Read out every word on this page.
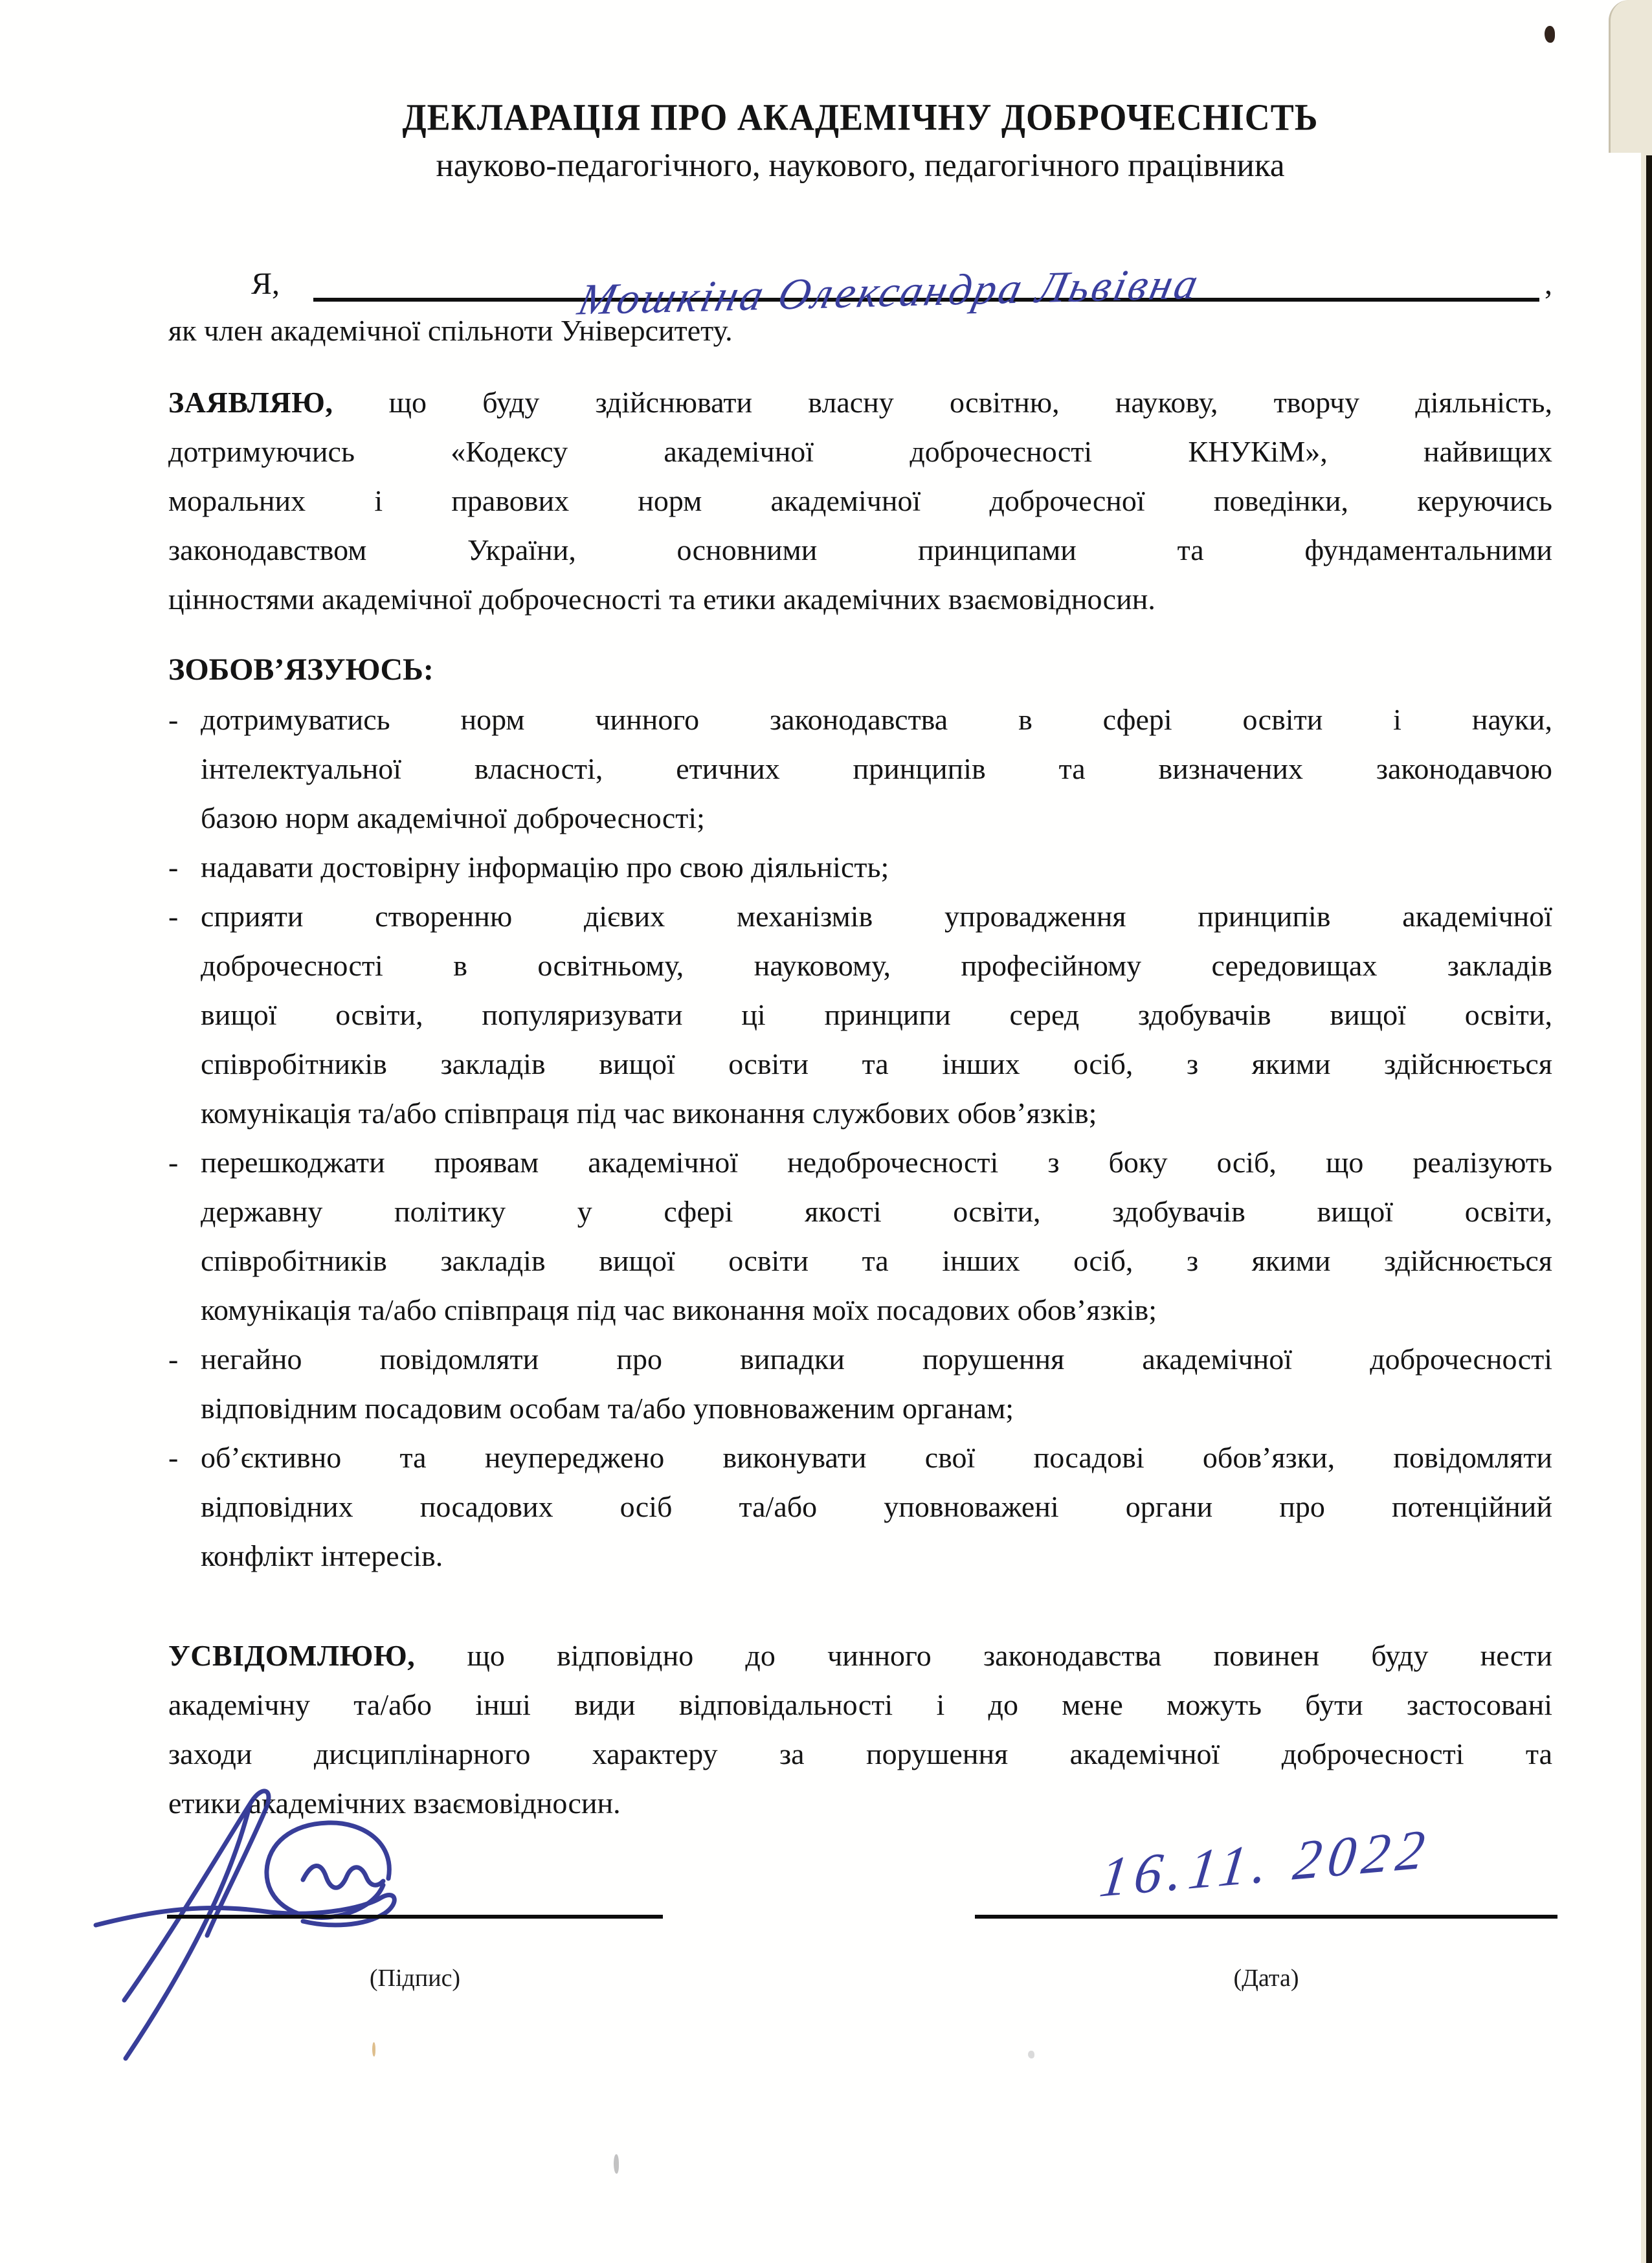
ДЕКЛАРАЦІЯ ПРО АКАДЕМІЧНУ ДОБРОЧЕСНІСТЬ
науково-педагогічного, наукового, педагогічного працівника
Я,	Мошкіна Олександра Львівна	,
як член академічної спільноти Університету.
ЗАЯВЛЯЮ, що буду здійснювати власну освітню, наукову, творчу діяльність,
дотримуючись «Кодексу академічної доброчесності КНУКіМ», найвищих
моральних і правових норм академічної доброчесної поведінки, керуючись
законодавством України, основними принципами та фундаментальними
цінностями академічної доброчесності та етики академічних взаємовідносин.
ЗОБОВ’ЯЗУЮСЬ:
- дотримуватись норм чинного законодавства в сфері освіти і науки,
інтелектуальної власності, етичних принципів та визначених законодавчою
базою норм академічної доброчесності;
- надавати достовірну інформацію про свою діяльність;
- сприяти створенню дієвих механізмів упровадження принципів академічної
доброчесності в освітньому, науковому, професійному середовищах закладів
вищої освіти, популяризувати ці принципи серед здобувачів вищої освіти,
співробітників закладів вищої освіти та інших осіб, з якими здійснюється
комунікація та/або співпраця під час виконання службових обов’язків;
- перешкоджати проявам академічної недоброчесності з боку осіб, що реалізують
державну політику у сфері якості освіти, здобувачів вищої освіти,
співробітників закладів вищої освіти та інших осіб, з якими здійснюється
комунікація та/або співпраця під час виконання моїх посадових обов’язків;
- негайно повідомляти про випадки порушення академічної доброчесності
відповідним посадовим особам та/або уповноваженим органам;
- об’єктивно та неупереджено виконувати свої посадові обов’язки, повідомляти
відповідних посадових осіб та/або уповноважені органи про потенційний
конфлікт інтересів.
УСВІДОМЛЮЮ, що відповідно до чинного законодавства повинен буду нести
академічну та/або інші види відповідальності і до мене можуть бути застосовані
заходи дисциплінарного характеру за порушення академічної доброчесності та
етики академічних взаємовідносин.
(Підпис)	(Дата)
16.11. 2022
